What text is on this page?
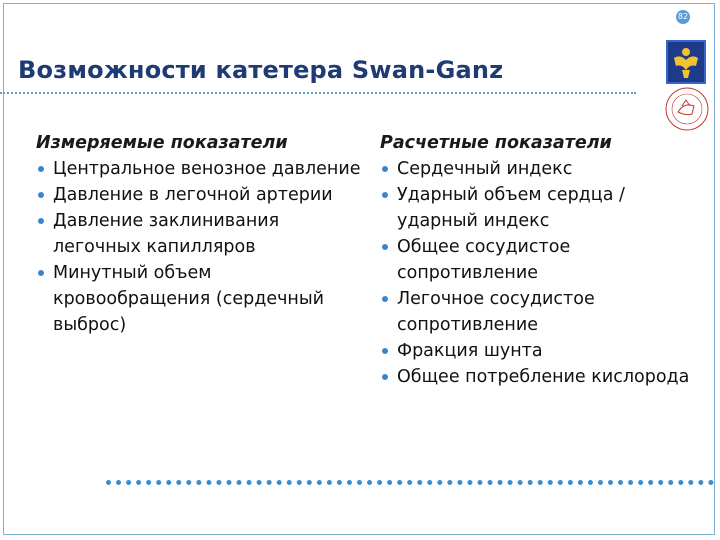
82
Возможности катетера Swan-Ganz
Измеряемые показатели
Центральное венозное давление
Давление в легочной артерии
Давление заклинивания легочных капилляров
Минутный объем кровообращения (сердечный выброс)
Расчетные показатели
Сердечный индекс
Ударный объем сердца / ударный индекс
Общее сосудистое сопротивление
Легочное сосудистое сопротивление
Фракция шунта
Общее потребление кислорода
